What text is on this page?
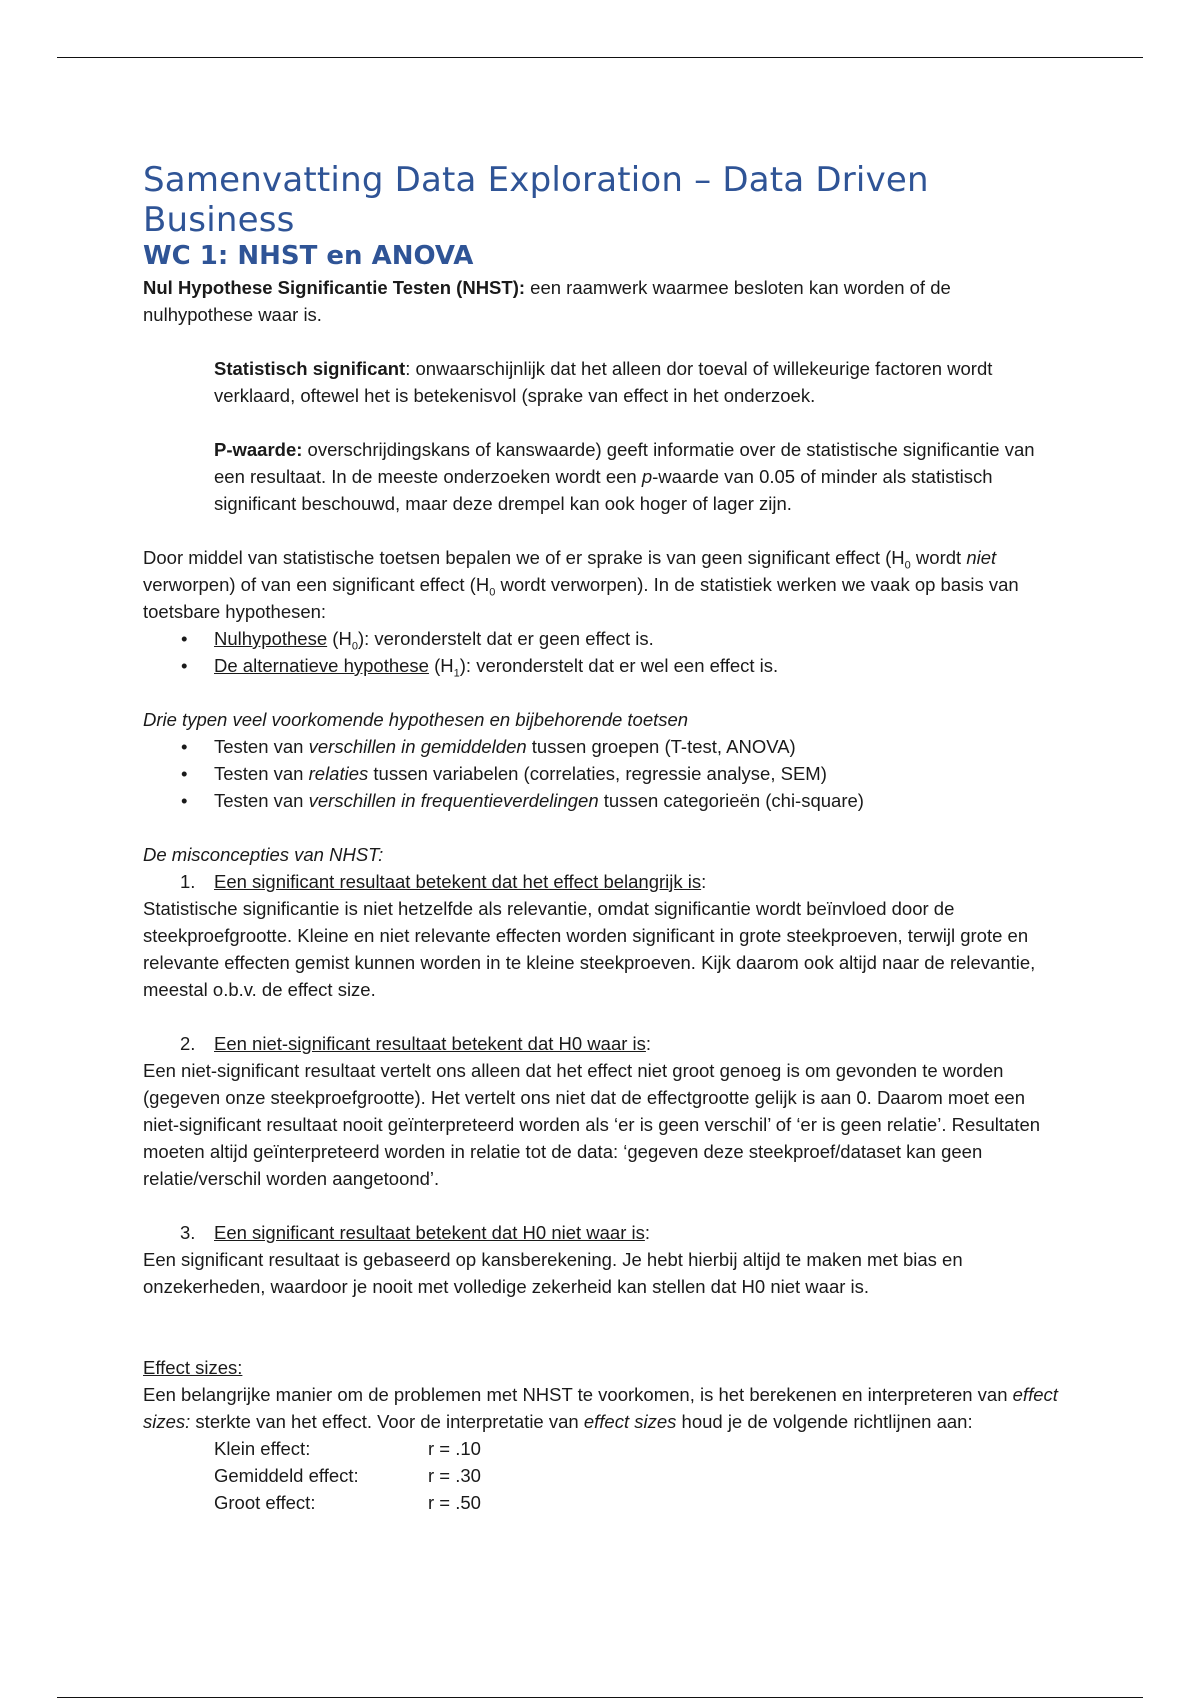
Samenvatting Data Exploration – Data Driven Business
WC 1: NHST en ANOVA

Nul Hypothese Significantie Testen (NHST): een raamwerk waarmee besloten kan worden of de nulhypothese waar is.

Statistisch significant: onwaarschijnlijk dat het alleen dor toeval of willekeurige factoren wordt verklaard, oftewel het is betekenisvol (sprake van effect in het onderzoek.

P-waarde: overschrijdingskans of kanswaarde) geeft informatie over de statistische significantie van een resultaat. In de meeste onderzoeken wordt een p-waarde van 0.05 of minder als statistisch significant beschouwd, maar deze drempel kan ook hoger of lager zijn.

Door middel van statistische toetsen bepalen we of er sprake is van geen significant effect ($H_0$ wordt niet verworpen) of van een significant effect ($H_0$ wordt verworpen). In de statistiek werken we vaak op basis van toetsbare hypothesen:

• Nulhypothese $(H_0)$: veronderstelt dat er geen effect is.
• De alternatieve hypothese $(H_1)$: veronderstelt dat er wel een effect is.

Drie typen veel voorkomende hypothesen en bijbehorende toetsen

• Testen van verschillen in gemiddelden tussen groepen (T-test, ANOVA)
• Testen van relaties tussen variabelen (correlaties, regressie analyse, SEM)
• Testen van verschillen in frequentieverdelingen tussen categorieën (chi-square)

De misconcepties van NHST:

1. Een significant resultaat betekent dat het effect belangrijk is:

Statistische significantie is niet hetzelfde als relevantie, omdat significantie wordt beïnvloed door de steekproefgrootte. Kleine en niet relevante effecten worden significant in grote steekproeven, terwijl grote en relevante effecten gemist kunnen worden in te kleine steekproeven. Kijk daarom ook altijd naar de relevantie, meestal o.b.v. de effect size.

2. Een niet-significant resultaat betekent dat H0 waar is:

Een niet-significant resultaat vertelt ons alleen dat het effect niet groot genoeg is om gevonden te worden (gegeven onze steekproefgrootte). Het vertelt ons niet dat de effectgrootte gelijk is aan 0. Daarom moet een niet-significant resultaat nooit geïnterpreteerd worden als ‘er is geen verschil’ of ‘er is geen relatie’. Resultaten moeten altijd geïnterpreteerd worden in relatie tot de data: ‘gegeven deze steekproef/dataset kan geen relatie/verschil worden aangetoond’.

3. Een significant resultaat betekent dat H0 niet waar is:

Een significant resultaat is gebaseerd op kansberekening. Je hebt hierbij altijd te maken met bias en onzekerheden, waardoor je nooit met volledige zekerheid kan stellen dat H0 niet waar is.

Effect sizes:

Een belangrijke manier om de problemen met NHST te voorkomen, is het berekenen en interpreteren van effect sizes: sterkte van het effect. Voor de interpretatie van effect sizes houd je de volgende richtlijnen aan:

Klein effect:	r = .10
Gemiddeld effect:	r = .30
Groot effect:	r = .50
